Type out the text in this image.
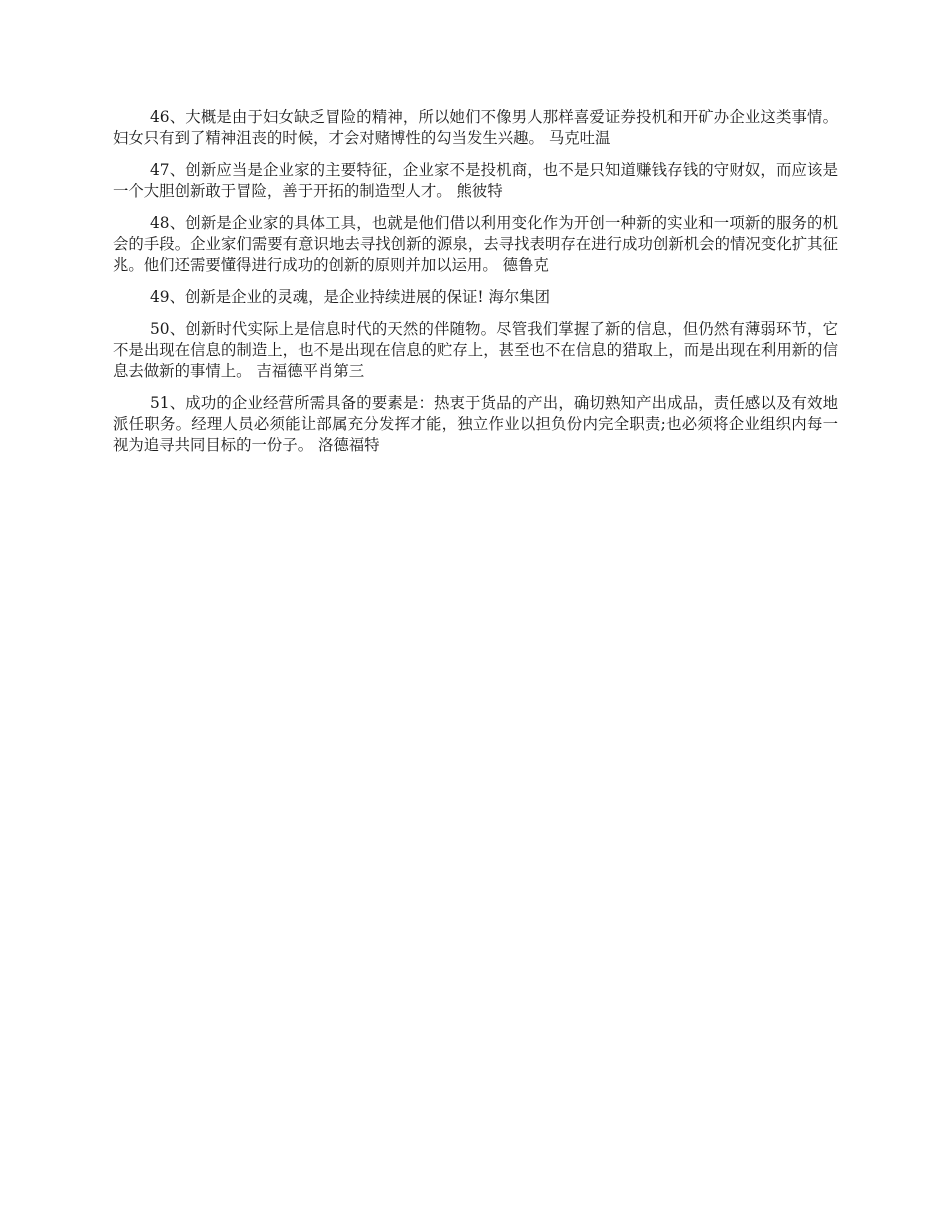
46、大概是由于妇女缺乏冒险的精神，所以她们不像男人那样喜爱证券投机和开矿办企业这类事情。妇女只有到了精神沮丧的时候，才会对赌博性的勾当发生兴趣。 马克吐温

47、创新应当是企业家的主要特征，企业家不是投机商，也不是只知道赚钱存钱的守财奴，而应该是一个大胆创新敢于冒险，善于开拓的制造型人才。 熊彼特

48、创新是企业家的具体工具，也就是他们借以利用变化作为开创一种新的实业和一项新的服务的机会的手段。企业家们需要有意识地去寻找创新的源泉，去寻找表明存在进行成功创新机会的情况变化扩其征兆。他们还需要懂得进行成功的创新的原则并加以运用。 德鲁克

49、创新是企业的灵魂，是企业持续进展的保证! 海尔集团

50、创新时代实际上是信息时代的天然的伴随物。尽管我们掌握了新的信息，但仍然有薄弱环节，它不是出现在信息的制造上，也不是出现在信息的贮存上，甚至也不在信息的猎取上，而是出现在利用新的信息去做新的事情上。 吉福德平肖第三

51、成功的企业经营所需具备的要素是：热衷于货品的产出，确切熟知产出成品，责任感以及有效地派任职务。经理人员必须能让部属充分发挥才能，独立作业以担负份内完全职责;也必须将企业组织内每一视为追寻共同目标的一份子。 洛德福特
